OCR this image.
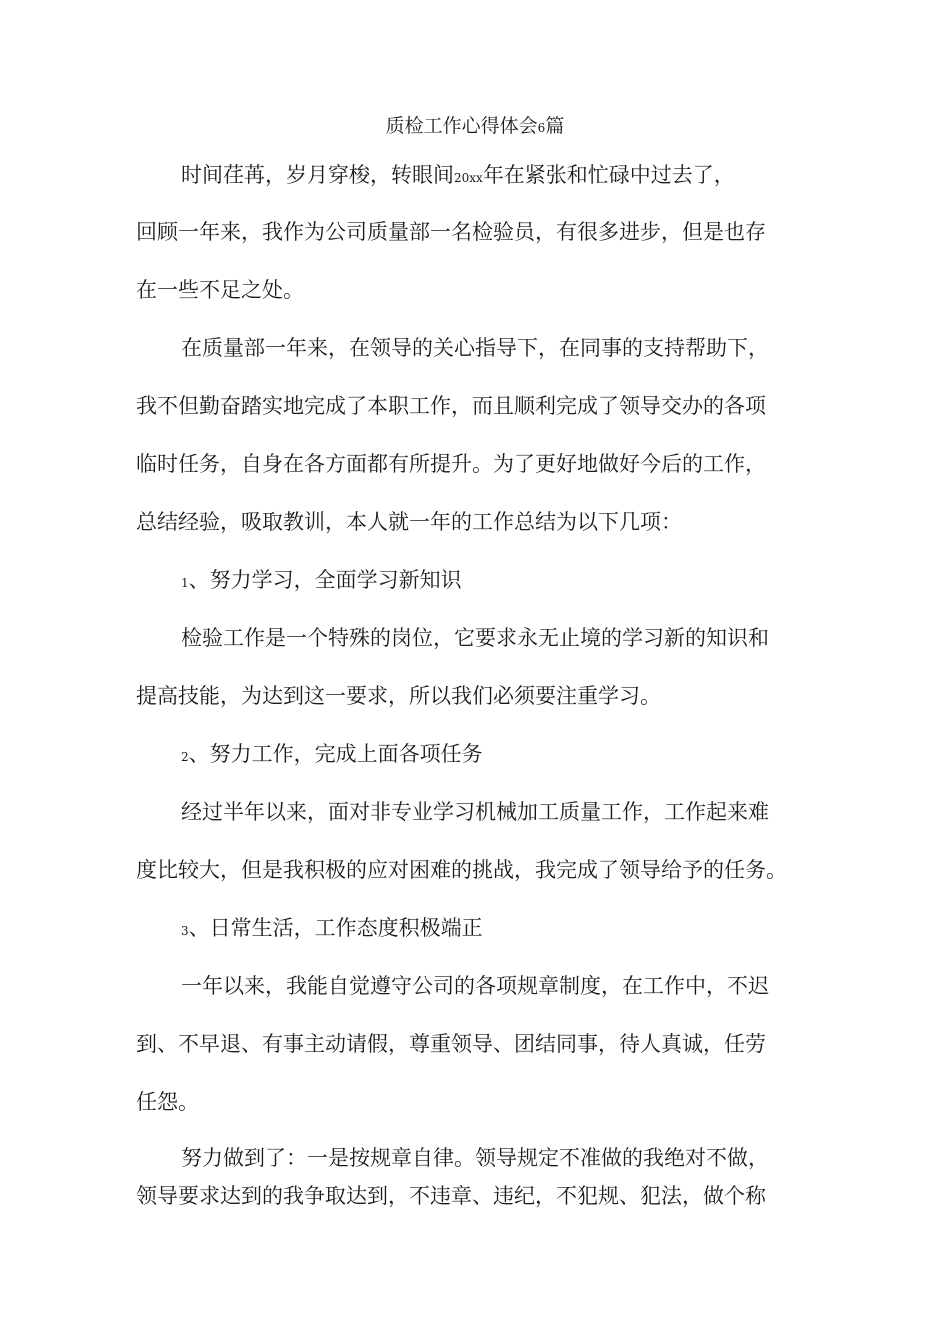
质检工作心得体会6篇
时间荏苒，岁月穿梭，转眼间20xx年在紧张和忙碌中过去了，
回顾一年来，我作为公司质量部一名检验员，有很多进步，但是也存
在一些不足之处。
在质量部一年来，在领导的关心指导下，在同事的支持帮助下，
我不但勤奋踏实地完成了本职工作，而且顺利完成了领导交办的各项
临时任务，自身在各方面都有所提升。为了更好地做好今后的工作，
总结经验，吸取教训，本人就一年的工作总结为以下几项：
1、努力学习，全面学习新知识
检验工作是一个特殊的岗位，它要求永无止境的学习新的知识和
提高技能，为达到这一要求，所以我们必须要注重学习。
2、努力工作，完成上面各项任务
经过半年以来，面对非专业学习机械加工质量工作，工作起来难
度比较大，但是我积极的应对困难的挑战，我完成了领导给予的任务。
3、日常生活，工作态度积极端正
一年以来，我能自觉遵守公司的各项规章制度，在工作中，不迟
到、不早退、有事主动请假，尊重领导、团结同事，待人真诚，任劳
任怨。
努力做到了：一是按规章自律。领导规定不准做的我绝对不做，
领导要求达到的我争取达到，不违章、违纪，不犯规、犯法，做个称
